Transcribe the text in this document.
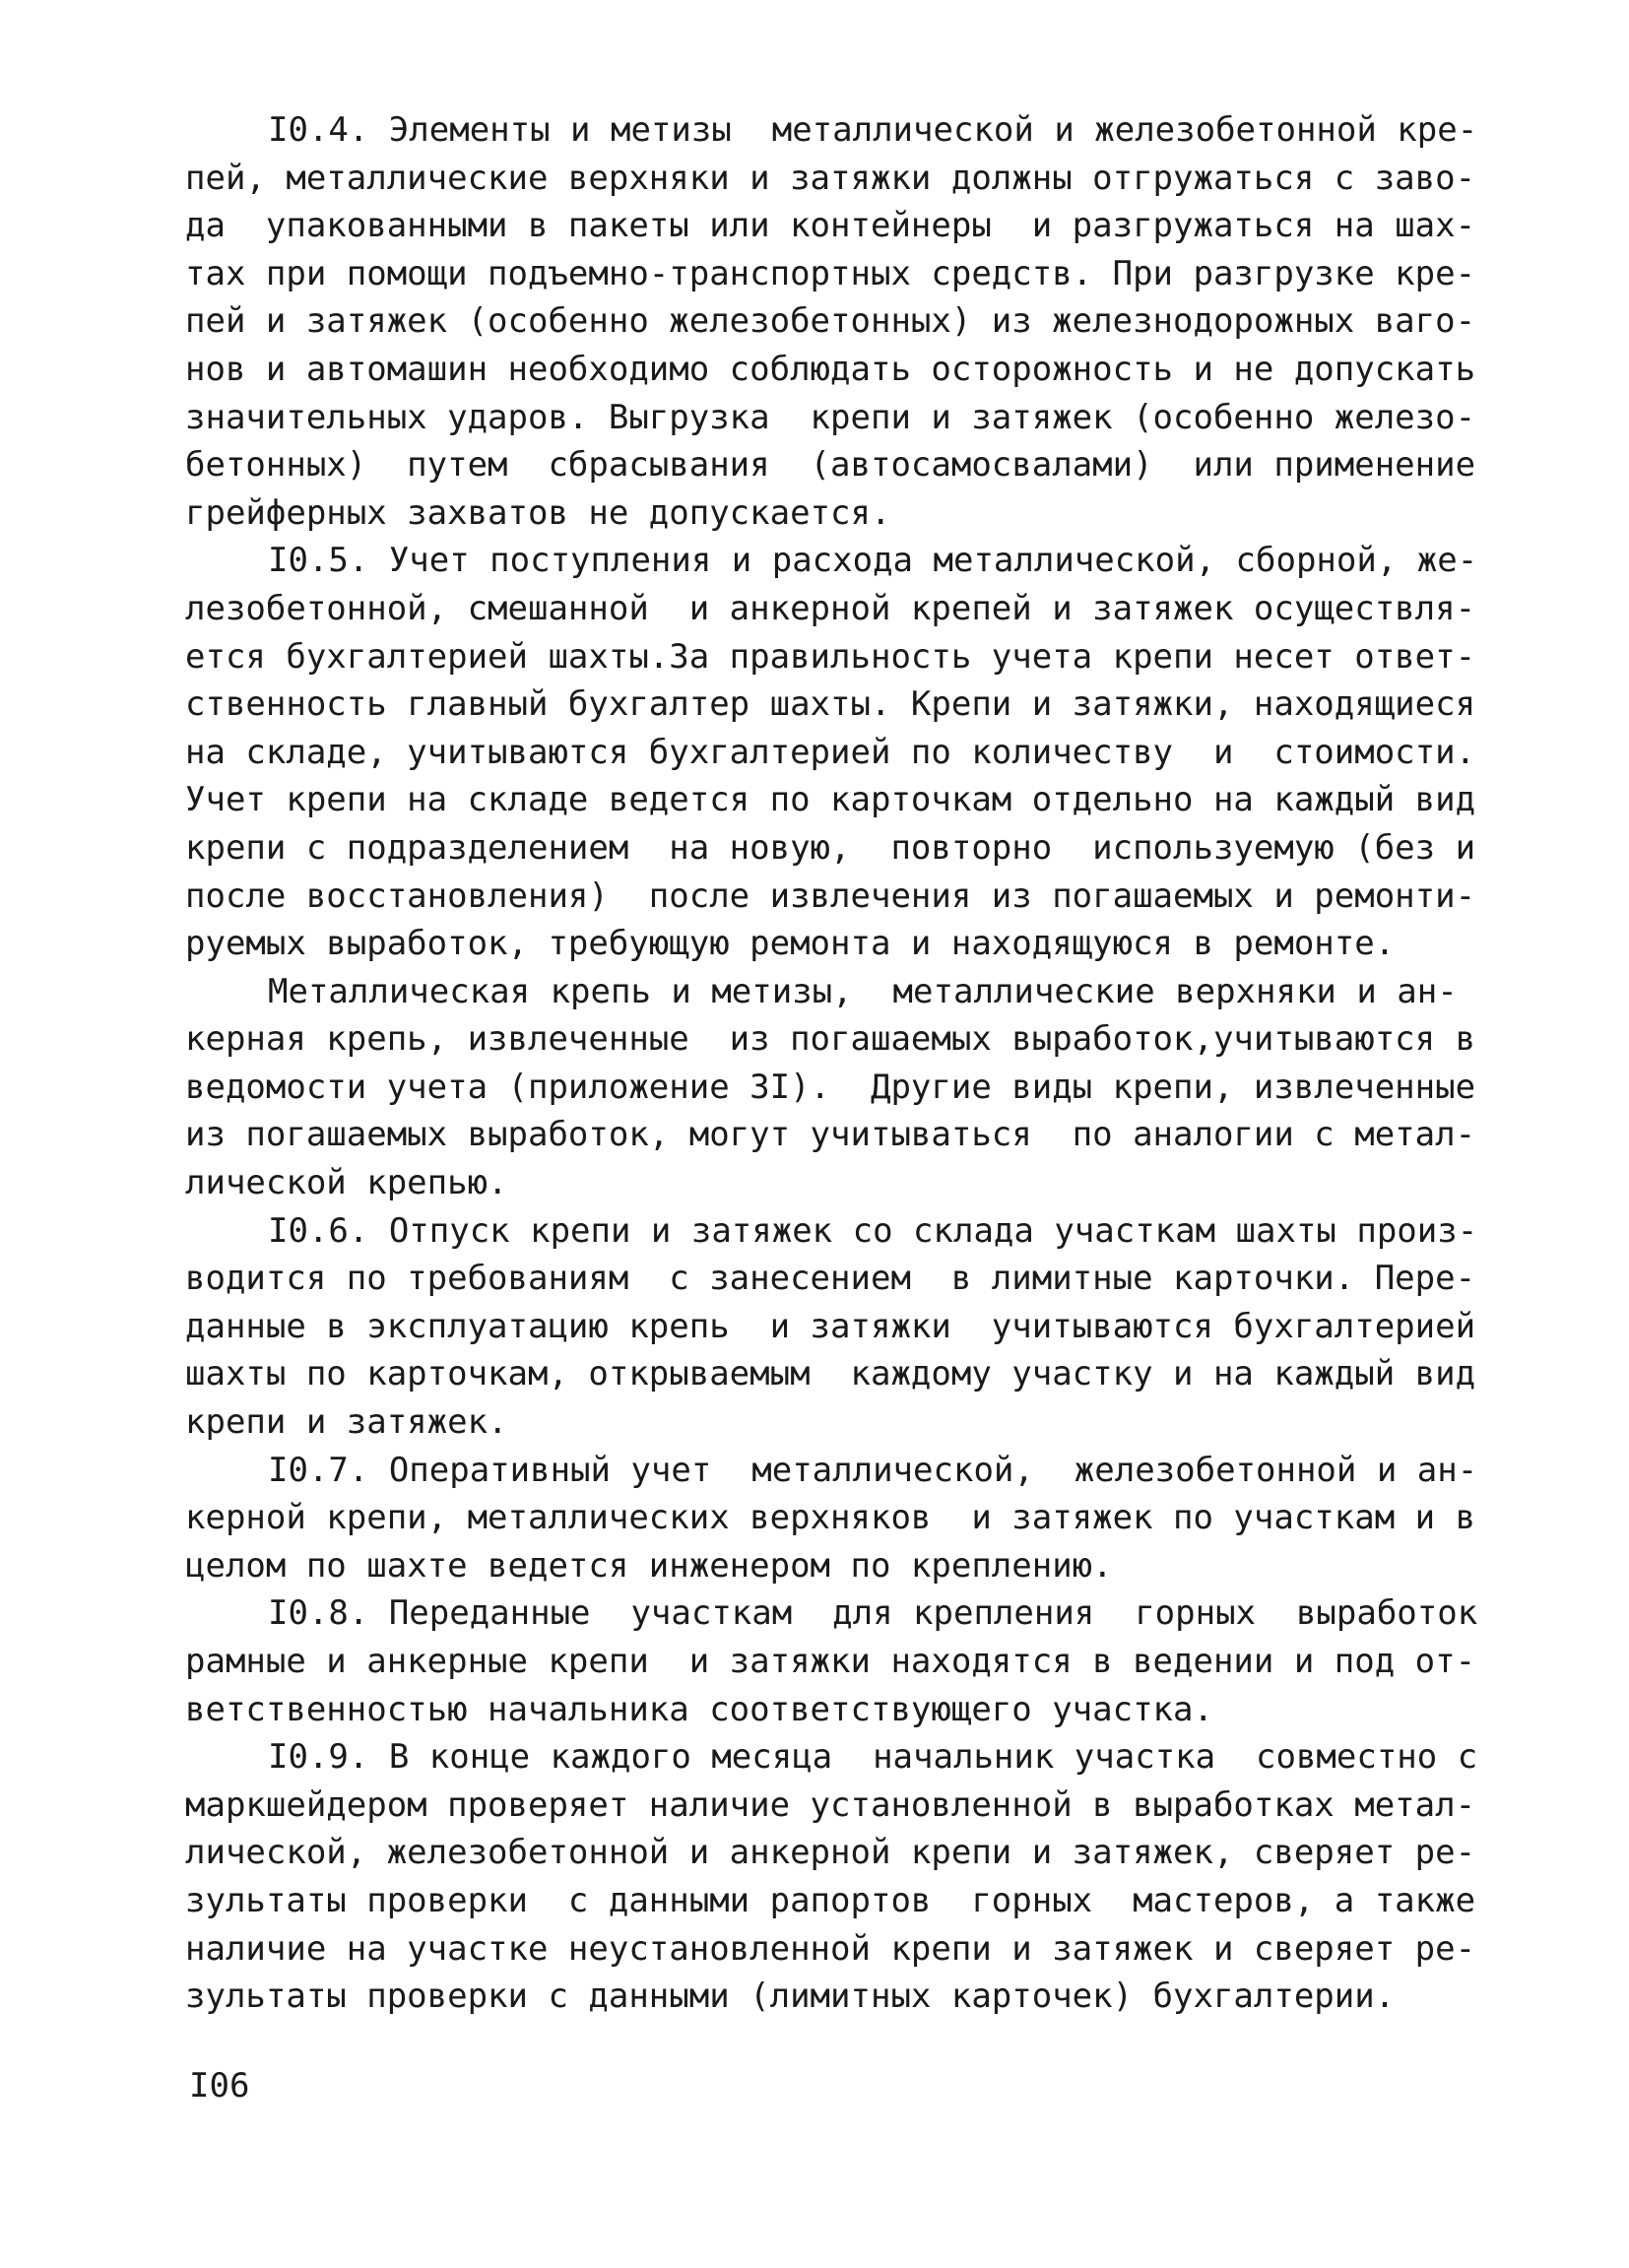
I0.4. Элементы и метизы  металлической и железобетонной кре-
пей, металлические верхняки и затяжки должны отгружаться с заво-
да  упакованными в пакеты или контейнеры  и разгружаться на шах-
тах при помощи подъемно-транспортных средств. При разгрузке кре-
пей и затяжек (особенно железобетонных) из железнодорожных ваго-
нов и автомашин необходимо соблюдать осторожность и не допускать
значительных ударов. Выгрузка  крепи и затяжек (особенно железо-
бетонных)  путем  сбрасывания  (автосамосвалами)  или применение
грейферных захватов не допускается.
I0.5. Учет поступления и расхода металлической, сборной, же-
лезобетонной, смешанной  и анкерной крепей и затяжек осуществля-
ется бухгалтерией шахты.За правильность учета крепи несет ответ-
ственность главный бухгалтер шахты. Крепи и затяжки, находящиеся
на складе, учитываются бухгалтерией по количеству  и  стоимости.
Учет крепи на складе ведется по карточкам отдельно на каждый вид
крепи с подразделением  на новую,  повторно  используемую (без и
после восстановления)  после извлечения из погашаемых и ремонти-
руемых выработок, требующую ремонта и находящуюся в ремонте.
Металлическая крепь и метизы,  металлические верхняки и ан-
керная крепь, извлеченные  из погашаемых выработок,учитываются в
ведомости учета (приложение 3I).  Другие виды крепи, извлеченные
из погашаемых выработок, могут учитываться  по аналогии с метал-
лической крепью.
I0.6. Отпуск крепи и затяжек со склада участкам шахты произ-
водится по требованиям  с занесением  в лимитные карточки. Пере-
данные в эксплуатацию крепь  и затяжки  учитываются бухгалтерией
шахты по карточкам, открываемым  каждому участку и на каждый вид
крепи и затяжек.
I0.7. Оперативный учет  металлической,  железобетонной и ан-
керной крепи, металлических верхняков  и затяжек по участкам и в
целом по шахте ведется инженером по креплению.
I0.8. Переданные  участкам  для крепления  горных  выработок
рамные и анкерные крепи  и затяжки находятся в ведении и под от-
ветственностью начальника соответствующего участка.
I0.9. В конце каждого месяца  начальник участка  совместно с
маркшейдером проверяет наличие установленной в выработках метал-
лической, железобетонной и анкерной крепи и затяжек, сверяет ре-
зультаты проверки  с данными рапортов  горных  мастеров, а также
наличие на участке неустановленной крепи и затяжек и сверяет ре-
зультаты проверки с данными (лимитных карточек) бухгалтерии.
I06
